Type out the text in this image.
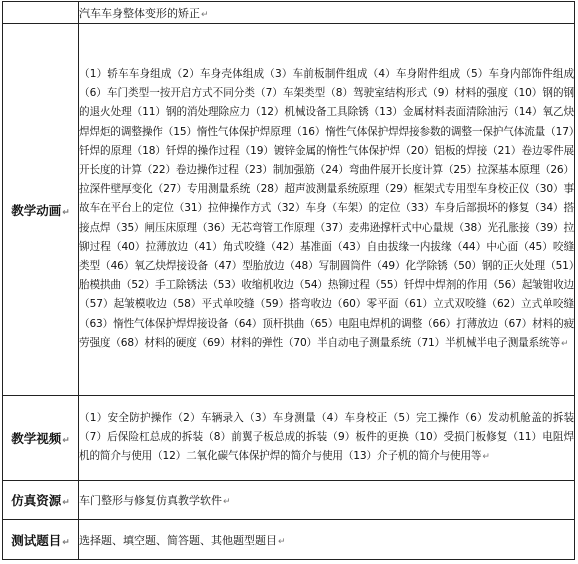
	汽车车身整体变形的矫正↵
教学动画↵	（1）轿车车身组成（2）车身壳体组成（3）车前板制件组成（4）车身附件组成（5）车身内部饰件组成（6）车门类型一按开启方式不同分类（7）车架类型（8）驾驶室结构形式（9）材料的强度（10）钢的钢的退火处理（11）钢的消处理除应力（12）机械设备工具除锈（13）金属材料表面清除油污（14）氧乙炔焊焊炬的调整操作（15）惰性气体保护焊原理（16）惰性气体保护焊焊接参数的调整一保护气体流量（17）钎焊的原理（18）钎焊的操作过程（19）镀锌金属的惰性气体保护焊（20）铝板的焊接（21）卷边零件展开长度的计算（22）卷边操作过程（23）制加强筋（24）弯曲件展开长度计算（25）拉深基本原理（26）拉深件壁厚变化（27）专用测量系统（28）超声波测量系统原理（29）框架式专用型车身校正仪（30）事故车在平台上的定位（31）拉伸操作方式（32）车身（车架）的定位（33）车身后部损坏的修复（34）搭接点焊（35）闸压床原理（36）无芯弯管工作原理（37）麦弗逊撑杆式中心量规（38）光孔胀接（39）拉铆过程（40）拉薄放边（41）角式咬缝（42）基准面（43）自由拔缘一内拔缘（44）中心面（45）咬缝类型（46）氧乙炔焊接设备（47）型胎放边（48）写制圆筒件（49）化学除锈（50）钢的正火处理（51）胎模拱曲（52）手工除锈法（53）收缩机收边（54）热铆过程（55）钎焊中焊剂的作用（56）起皱钳收边（57）起皱模收边（58）平式单咬缝（59）搭弯收边（60）零平面（61）立式双咬缝（62）立式单咬缝（63）惰性气体保护焊焊接设备（64）顶杆拱曲（65）电阻电焊机的调整（66）打薄放边（67）材料的疲劳强度（68）材料的硬度（69）材料的弹性（70）半自动电子测量系统（71）半机械半电子测量系统等↵
教学视频↵	（1）安全防护操作（2）车辆录入（3）车身测量（4）车身校正（5）完工操作（6）发动机舱盖的拆装（7）后保险杠总成的拆装（8）前翼子板总成的拆装（9）板件的更换（10）受损门板修复（11）电阻焊机的简介与使用（12）二氧化碳气体保护焊的简介与使用（13）介子机的简介与使用等↵
仿真资源↵	车门整形与修复仿真教学软件↵
测试题目↵	选择题、填空题、简答题、其他题型题目↵
